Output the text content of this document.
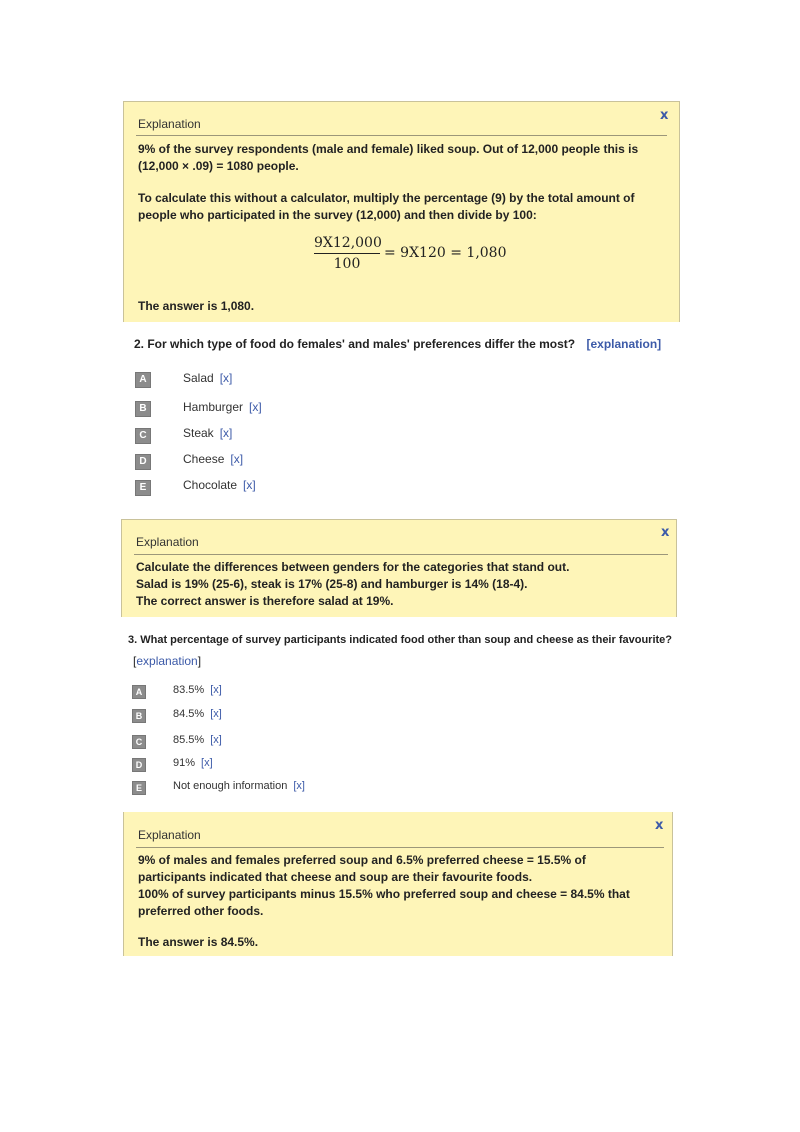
Explanation
x
9% of the survey respondents (male and female) liked soup. Out of 12,000 people this is
(12,000 × .09) = 1080 people.
To calculate this without a calculator, multiply the percentage (9) by the total amount of
people who participated in the survey (12,000) and then divide by 100:
9X12,000
100
= 9X120 = 1,080
The answer is 1,080.
2. For which type of food do females' and males' preferences differ the most? [explanation]
A	Salad [x]
B	Hamburger [x]
C	Steak [x]
D	Cheese [x]
E	Chocolate [x]
Explanation
x
Calculate the differences between genders for the categories that stand out.
Salad is 19% (25-6), steak is 17% (25-8) and hamburger is 14% (18-4).
The correct answer is therefore salad at 19%.
3. What percentage of survey participants indicated food other than soup and cheese as their favourite?
[explanation]
A	83.5% [x]
B	84.5% [x]
C	85.5% [x]
D	91% [x]
E	Not enough information [x]
Explanation
x
9% of males and females preferred soup and 6.5% preferred cheese = 15.5% of
participants indicated that cheese and soup are their favourite foods.
100% of survey participants minus 15.5% who preferred soup and cheese = 84.5% that
preferred other foods.
The answer is 84.5%.
